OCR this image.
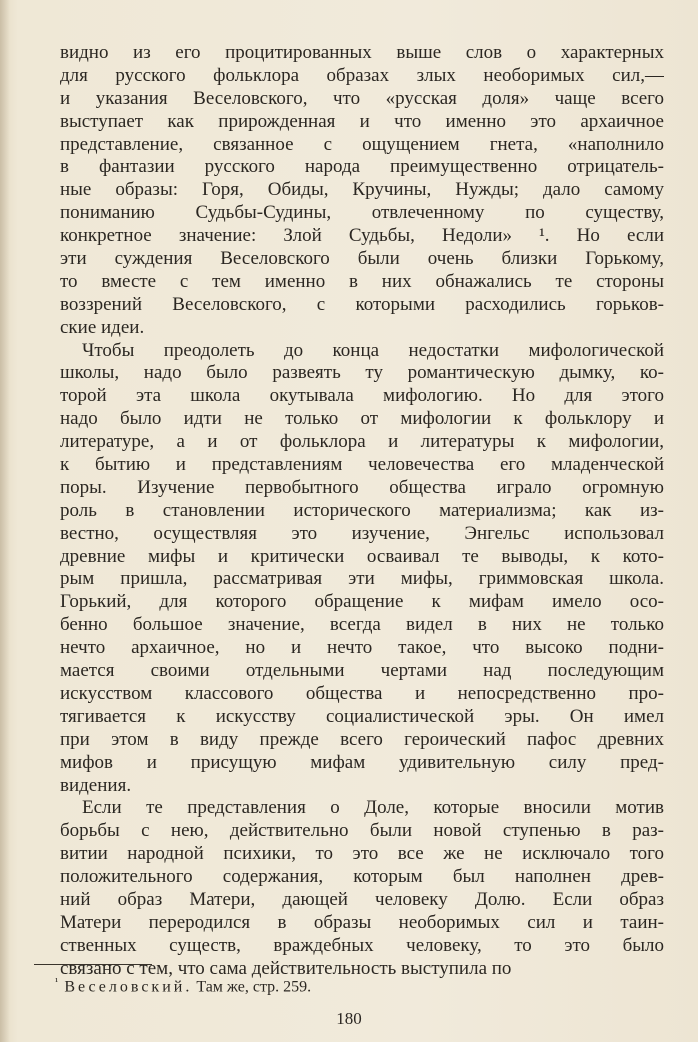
видно из его процитированных выше слов о характерных
для русского фольклора образах злых необоримых сил,—
и указания Веселовского, что «русская доля» чаще всего
выступает как прирожденная и что именно это архаичное
представление, связанное с ощущением гнета, «наполнило
в фантазии русского народа преимущественно отрицатель-
ные образы: Горя, Обиды, Кручины, Нужды; дало самому
пониманию Судьбы-Судины, отвлеченному по существу,
конкретное значение: Злой Судьбы, Недоли» ¹. Но если
эти суждения Веселовского были очень близки Горькому,
то вместе с тем именно в них обнажались те стороны
воззрений Веселовского, с которыми расходились горьков-
ские идеи.
Чтобы преодолеть до конца недостатки мифологической
школы, надо было развеять ту романтическую дымку, ко-
торой эта школа окутывала мифологию. Но для этого
надо было идти не только от мифологии к фольклору и
литературе, а и от фольклора и литературы к мифологии,
к бытию и представлениям человечества его младенческой
поры. Изучение первобытного общества играло огромную
роль в становлении исторического материализма; как из-
вестно, осуществляя это изучение, Энгельс использовал
древние мифы и критически осваивал те выводы, к кото-
рым пришла, рассматривая эти мифы, гриммовская школа.
Горький, для которого обращение к мифам имело осо-
бенно большое значение, всегда видел в них не только
нечто архаичное, но и нечто такое, что высоко подни-
мается своими отдельными чертами над последующим
искусством классового общества и непосредственно про-
тягивается к искусству социалистической эры. Он имел
при этом в виду прежде всего героический пафос древних
мифов и присущую мифам удивительную силу пред-
видения.
Если те представления о Доле, которые вносили мотив
борьбы с нею, действительно были новой ступенью в раз-
витии народной психики, то это все же не исключало того
положительного содержания, которым был наполнен древ-
ний образ Матери, дающей человеку Долю. Если образ
Матери переродился в образы необоримых сил и таин-
ственных существ, враждебных человеку, то это было
связано с тем, что сама действительность выступила по
$^{^1}$ Веселовский. Там же, стр. 259.
180
